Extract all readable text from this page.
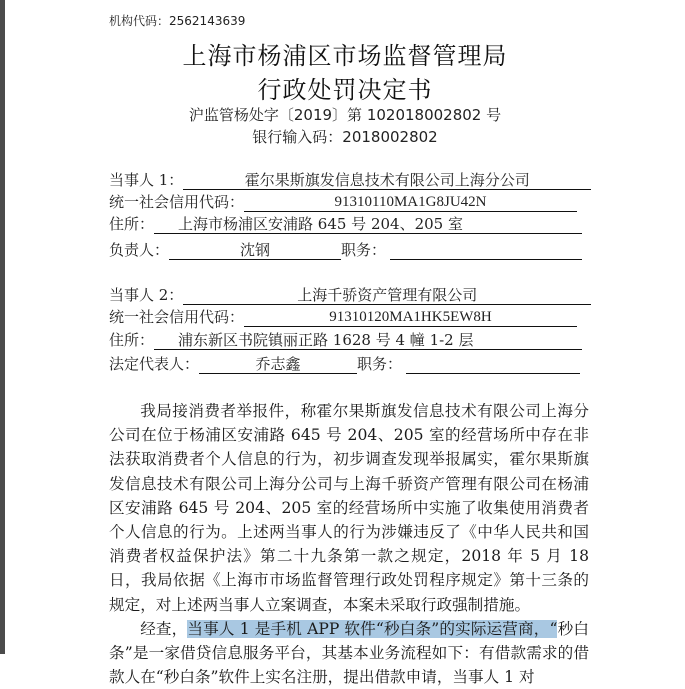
机构代码：2562143639
上海市杨浦区市场监督管理局
行政处罚决定书
沪监管杨处字〔2019〕第 102018002802 号
银行输入码：2018002802
当事人 1：	霍尔果斯旗发信息技术有限公司上海分公司
统一社会信用代码：	91310110MA1G8JU42N
住所： 上海市杨浦区安浦路 645 号 204、205 室
负责人：	沈钢	职务：
当事人 2：	上海千骄资产管理有限公司
统一社会信用代码：	91310120MA1HK5EW8H
住所： 浦东新区书院镇丽正路 1628 号 4 幢 1-2 层
法定代表人：	乔志鑫	职务：

我局接消费者举报件，称霍尔果斯旗发信息技术有限公司上海分公司在位于杨浦区安浦路 645 号 204、205 室的经营场所中存在非法获取消费者个人信息的行为，初步调查发现举报属实，霍尔果斯旗发信息技术有限公司上海分公司与上海千骄资产管理有限公司在杨浦区安浦路 645 号 204、205 室的经营场所中实施了收集使用消费者个人信息的行为。上述两当事人的行为涉嫌违反了《中华人民共和国消费者权益保护法》第二十九条第一款之规定，2018 年 5 月 18 日，我局依据《上海市市场监督管理行政处罚程序规定》第十三条的规定，对上述两当事人立案调查，本案未采取行政强制措施。

经查，当事人 1 是手机 APP 软件“秒白条”的实际运营商，“秒白条”是一家借贷信息服务平台，其基本业务流程如下：有借款需求的借款人在“秒白条”软件上实名注册，提出借款申请，当事人 1 对
